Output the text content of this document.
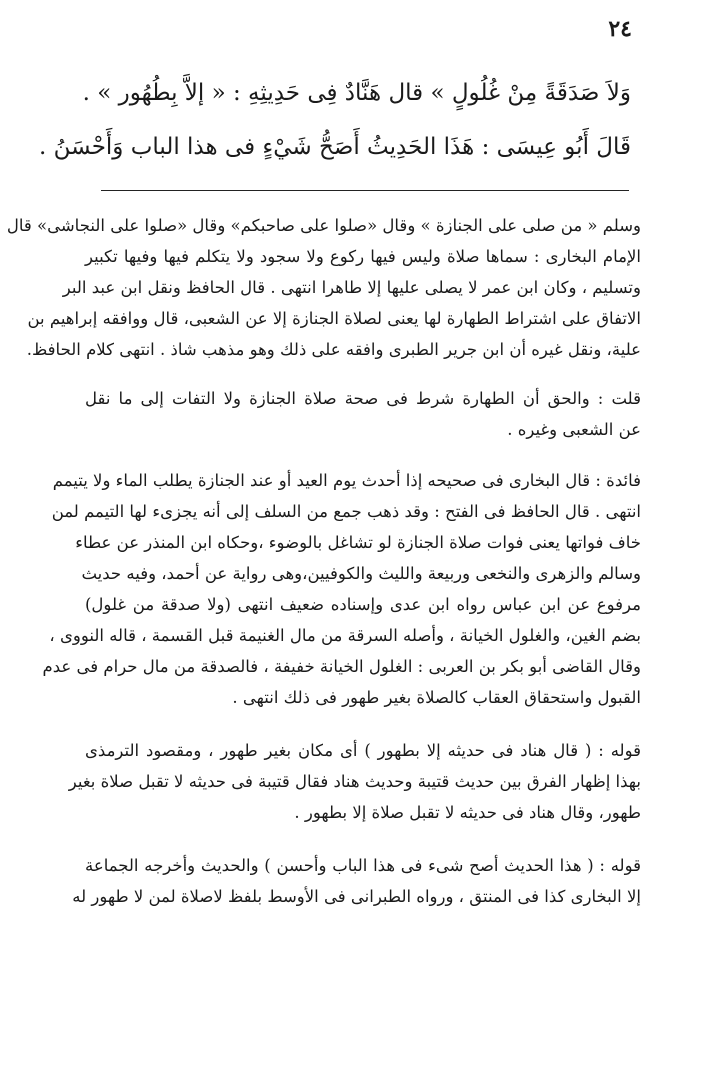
٢٤
وَلاَ صَدَقَةً مِنْ غُلُولٍ » قال هَنَّادٌ فِى حَدِيثِهِ : « إلاَّ بِطُهُور » .
قَالَ أَبُو عِيسَى : هَذَا الحَدِيثُ أَصَحُّ شَيْءٍ فى هذا الباب وَأَحْسَنُ .
وسلم « من صلى على الجنازة » وقال «صلوا على صاحبكم» وقال «صلوا على النجاشى» قال
الإمام البخارى : سماها صلاة وليس فيها ركوع ولا سجود ولا يتكلم فيها وفيها تكبير
وتسليم ، وكان ابن عمر لا يصلى عليها إلا طاهرا انتهى . قال الحافظ ونقل ابن عبد البر
الاتفاق على اشتراط الطهارة لها يعنى لصلاة الجنازة إلا عن الشعبى، قال ووافقه إبراهيم بن
علية، ونقل غيره أن ابن جرير الطبرى وافقه على ذلك وهو مذهب شاذ . انتهى كلام الحافظ.
قلت : والحق أن الطهارة شرط فى صحة صلاة الجنازة ولا التفات إلى ما نقل
عن الشعبى وغيره .
فائدة : قال البخارى فى صحيحه إذا أحدث يوم العيد أو عند الجنازة يطلب الماء ولا يتيمم
انتهى . قال الحافظ فى الفتح : وقد ذهب جمع من السلف إلى أنه يجزىء لها التيمم لمن
خاف فواتها يعنى فوات صلاة الجنازة لو تشاغل بالوضوء ،وحكاه ابن المنذر عن عطاء
وسالم والزهرى والنخعى وربيعة والليث والكوفيين،وهى رواية عن أحمد، وفيه حديث
مرفوع عن ابن عباس رواه ابن عدى وإسناده ضعيف انتهى (ولا صدقة من غلول)
بضم الغين، والغلول الخيانة ، وأصله السرقة من مال الغنيمة قبل القسمة ، قاله النووى ،
وقال القاضى أبو بكر بن العربى : الغلول الخيانة خفيفة ، فالصدقة من مال حرام فى عدم
القبول واستحقاق العقاب كالصلاة بغير طهور فى ذلك انتهى .
قوله : ( قال هناد فى حديثه إلا بطهور ) أى مكان بغير طهور ، ومقصود الترمذى
بهذا إظهار الفرق بين حديث قتيبة وحديث هناد فقال قتيبة فى حديثه لا تقبل صلاة بغير
طهور، وقال هناد فى حديثه لا تقبل صلاة إلا بطهور .
قوله : ( هذا الحديث أصح شىء فى هذا الباب وأحسن ) والحديث وأخرجه الجماعة
إلا البخارى كذا فى المنتق ، ورواه الطبرانى فى الأوسط بلفظ لاصلاة لمن لا طهور له
